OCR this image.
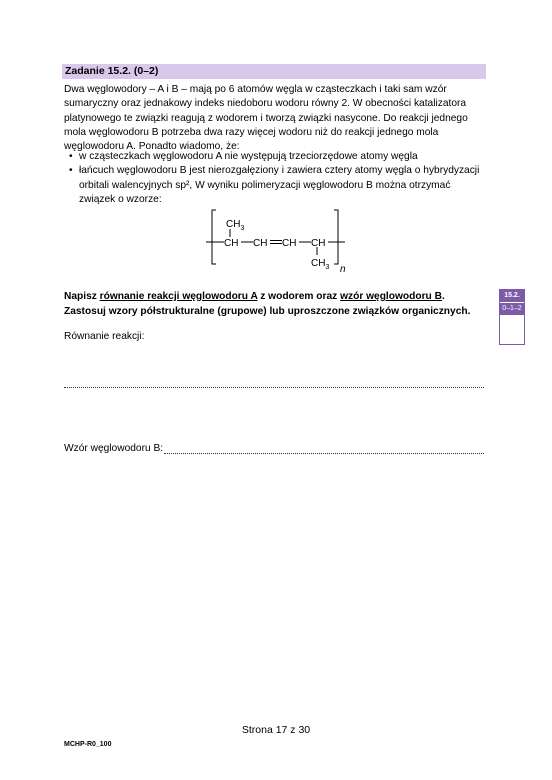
Zadanie 15.2. (0–2)

Dwa węglowodory – A i B – mają po 6 atomów węgla w cząsteczkach i taki sam wzór

sumaryczny oraz jednakowy indeks niedoboru wodoru równy 2. W obecności katalizatora

platynowego te związki reagują z wodorem i tworzą związki nasycone. Do reakcji jednego

mola węglowodoru B potrzeba dwa razy więcej wodoru niż do reakcji jednego mola

węglowodoru A. Ponadto wiadomo, że:

• w cząsteczkach węglowodoru A nie występują trzeciorzędowe atomy węgla
• łańcuch węglowodoru B jest nierozgałęziony i zawiera cztery atomy węgla o hybrydyzacji
orbitali walencyjnych sp², W wyniku polimeryzacji węglowodoru B można otrzymać
związek o wzorze:
$CH_3$
CH CH CH CH
$CH_3$ n
Napisz równanie reakcji węglowodoru A z wodorem oraz wzór węglowodoru B.
Zastosuj wzory półstrukturalne (grupowe) lub uproszczone związków organicznych.
15.2.
0–1–2
Równanie reakcji:
Wzór węglowodoru B:
Strona 17 z 30
MCHP-R0_100
